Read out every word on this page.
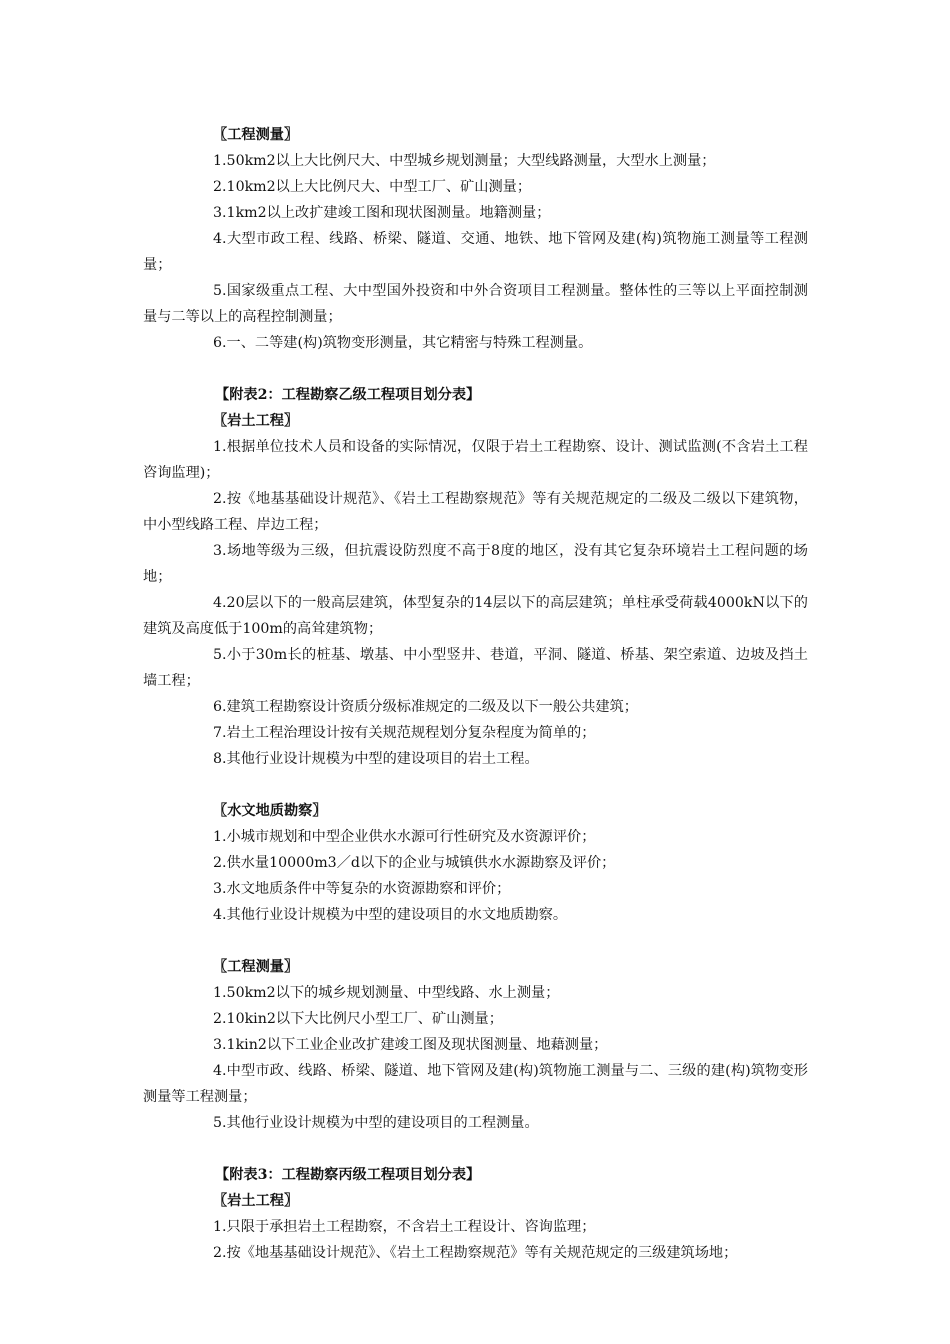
〖工程测量〗
1.50km2以上大比例尺大、中型城乡规划测量；大型线路测量，大型水上测量；
2.10km2以上大比例尺大、中型工厂、矿山测量；
3.1km2以上改扩建竣工图和现状图测量。地籍测量；
4.大型市政工程、线路、桥梁、隧道、交通、地铁、地下管网及建(构)筑物施工测量等工程测量；
5.国家级重点工程、大中型国外投资和中外合资项目工程测量。整体性的三等以上平面控制测量与二等以上的高程控制测量；
6.一、二等建(构)筑物变形测量，其它精密与特殊工程测量。
【附表2：工程勘察乙级工程项目划分表】
〖岩土工程〗
1.根据单位技术人员和设备的实际情况，仅限于岩土工程勘察、设计、测试监测(不含岩土工程咨询监理)；
2.按《地基基础设计规范》、《岩土工程勘察规范》等有关规范规定的二级及二级以下建筑物，中小型线路工程、岸边工程；
3.场地等级为三级，但抗震设防烈度不高于8度的地区，没有其它复杂环境岩土工程问题的场地；
4.20层以下的一般高层建筑，体型复杂的14层以下的高层建筑；单柱承受荷载4000kN以下的建筑及高度低于100m的高耸建筑物；
5.小于30m长的桩基、墩基、中小型竖井、巷道，平洞、隧道、桥基、架空索道、边坡及挡土墙工程；
6.建筑工程勘察设计资质分级标准规定的二级及以下一般公共建筑；
7.岩土工程治理设计按有关规范规程划分复杂程度为简单的；
8.其他行业设计规模为中型的建设项目的岩土工程。
〖水文地质勘察〗
1.小城市规划和中型企业供水水源可行性研究及水资源评价；
2.供水量10000m3／d以下的企业与城镇供水水源勘察及评价；
3.水文地质条件中等复杂的水资源勘察和评价；
4.其他行业设计规模为中型的建设项目的水文地质勘察。
〖工程测量〗
1.50km2以下的城乡规划测量、中型线路、水上测量；
2.10kin2以下大比例尺小型工厂、矿山测量；
3.1kin2以下工业企业改扩建竣工图及现状图测量、地藉测量；
4.中型市政、线路、桥梁、隧道、地下管网及建(构)筑物施工测量与二、三级的建(构)筑物变形测量等工程测量；
5.其他行业设计规模为中型的建设项目的工程测量。
【附表3：工程勘察丙级工程项目划分表】
〖岩土工程〗
1.只限于承担岩土工程勘察，不含岩土工程设计、咨询监理；
2.按《地基基础设计规范》、《岩土工程勘察规范》等有关规范规定的三级建筑场地；
